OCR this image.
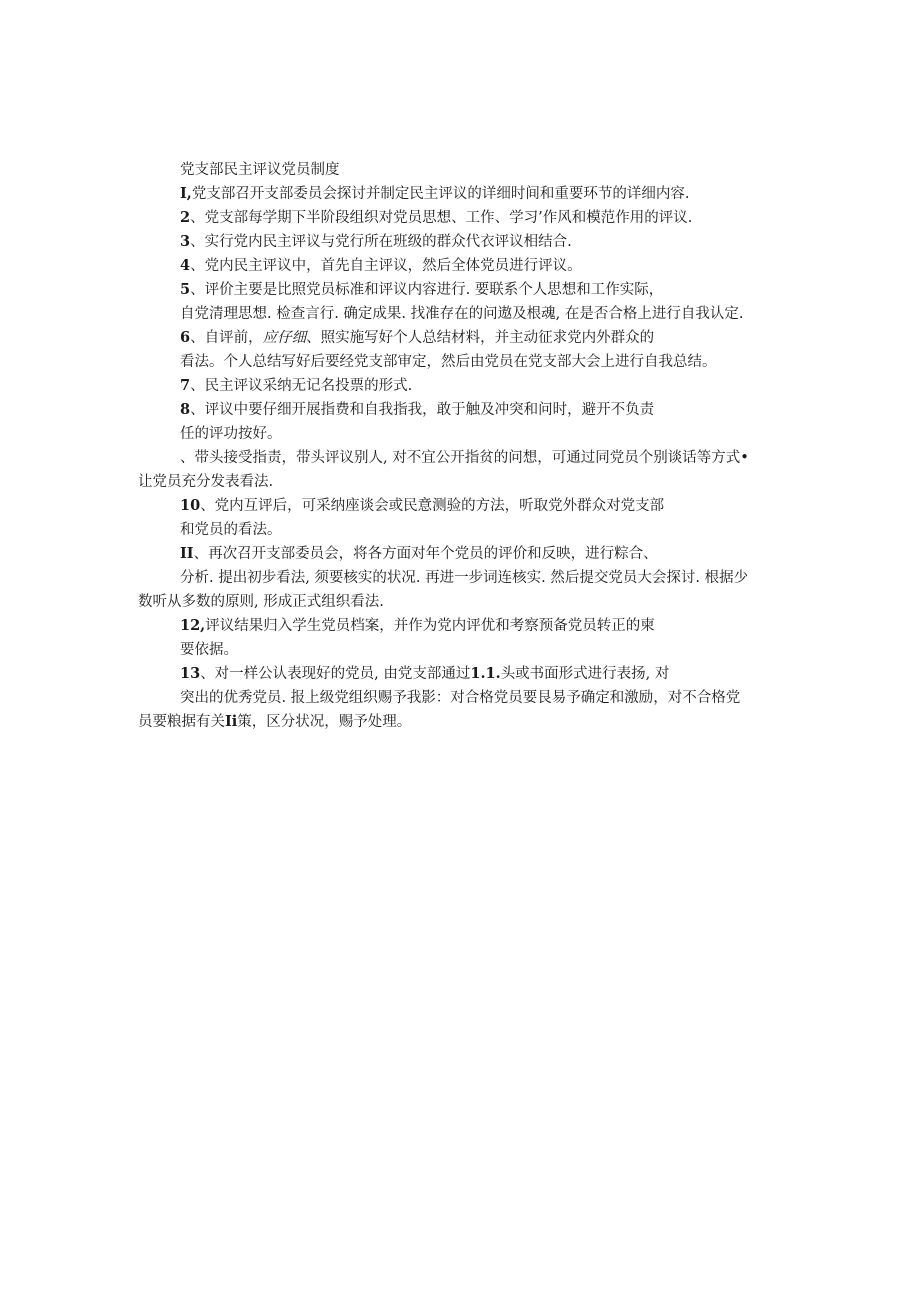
党支部民主评议党员制度
I,党支部召开支部委员会探讨并制定民主评议的详细时间和重要环节的详细内容.
2、党支部每学期下半阶段组织对党员思想、工作、学习’作风和模范作用的评议.
3、实行党内民主评议与党行所在班级的群众代衣评议相结合.
4、党内民主评议中，首先自主评议，然后全体党员进行评议。
5、评价主要是比照党员标准和评议内容进行. 要联系个人思想和工作实际，
自党清理思想. 检查言行. 确定成果. 找准存在的问遨及根魂, 在是否合格上进行自我认定.
6、自评前，应仔细、照实施写好个人总结材料，并主动征求党内外群众的
看法。个人总结写好后要经党支部审定，然后由党员在党支部大会上进行自我总结。
7、民主评议采纳无记名投票的形式.
8、评议中要仔细开展指费和自我指我，敢于触及冲突和问时，避开不负责
任的评功按好。
、带头接受指责，带头评议别人, 对不宜公开指贫的问想，可通过同党员个别谈话等方式•
让党员充分发表看法.
10、党内互评后，可采纳座谈会或民意测验的方法，听取党外群众对党支部
和党员的看法。
II、再次召开支部委员会，将各方面对年个党员的评价和反映，进行粽合、
分析. 提出初步看法, 须要核实的状况. 再进一步词连核实. 然后提交党员大会探讨. 根据少
数听从多数的原则, 形成正式组织看法.
12,评议结果归入学生党员档案，并作为党内评优和考察预备党员转正的柬
要依据。
13、对一样公认表现好的党员, 由党支部通过1.1.头或书面形式进行表扬, 对
突出的优秀党员. 报上级党组织赐予我影：对合格党员要艮易予确定和激励，对不合格党
员要粮据有关Ii策，区分状况，赐予处理。
